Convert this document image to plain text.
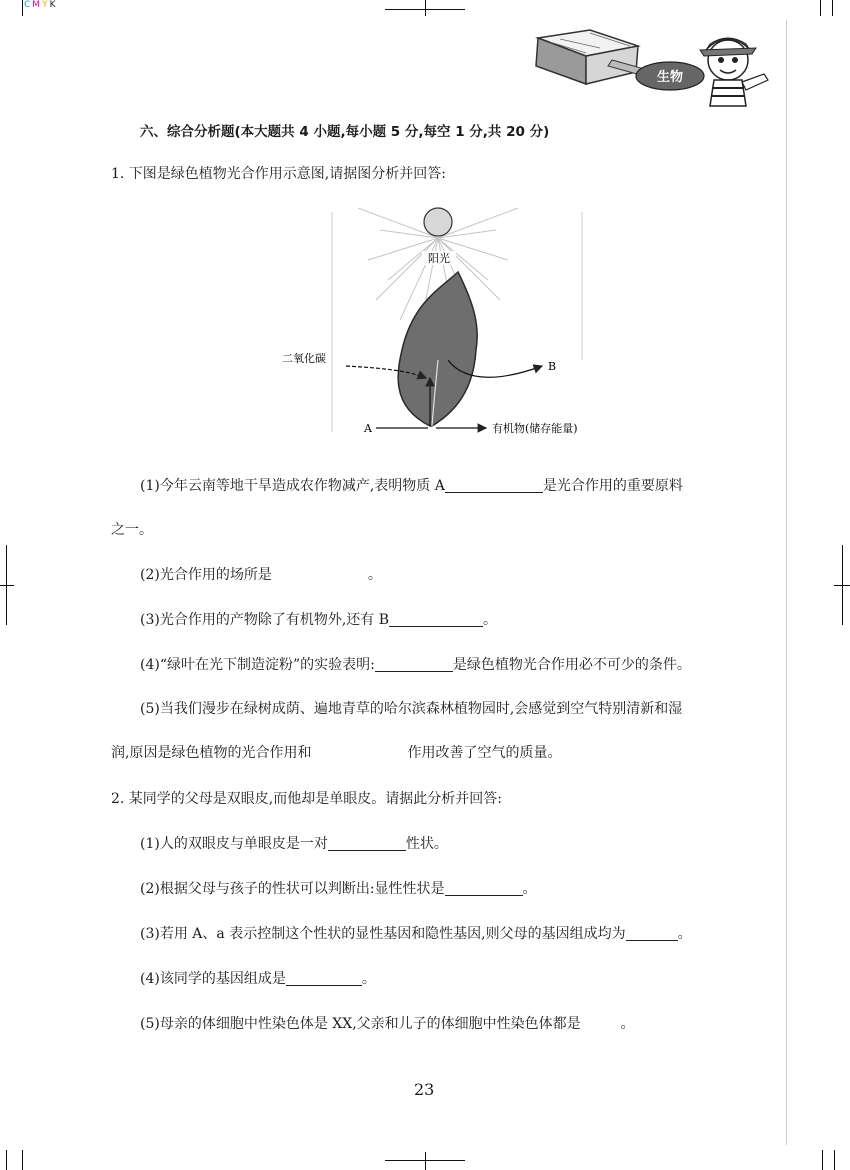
CMYK
生物
六、综合分析题(本大题共 4 小题,每小题 5 分,每空 1 分,共 20 分)
1. 下图是绿色植物光合作用示意图,请据图分析并回答:
阳光
二氧化碳
B
A	有机物(储存能量)
(1)今年云南等地干旱造成农作物减产,表明物质 A	是光合作用的重要原料
之一。
(2)光合作用的场所是	。
(3)光合作用的产物除了有机物外,还有 B	。
(4)“绿叶在光下制造淀粉”的实验表明:	是绿色植物光合作用必不可少的条件。
(5)当我们漫步在绿树成荫、遍地青草的哈尔滨森林植物园时,会感觉到空气特别清新和湿
润,原因是绿色植物的光合作用和	作用改善了空气的质量。
2. 某同学的父母是双眼皮,而他却是单眼皮。请据此分析并回答:
(1)人的双眼皮与单眼皮是一对	性状。
(2)根据父母与孩子的性状可以判断出:显性性状是	。
(3)若用 A、a 表示控制这个性状的显性基因和隐性基因,则父母的基因组成均为	。
(4)该同学的基因组成是	。
(5)母亲的体细胞中性染色体是 XX,父亲和儿子的体细胞中性染色体都是	。
23
